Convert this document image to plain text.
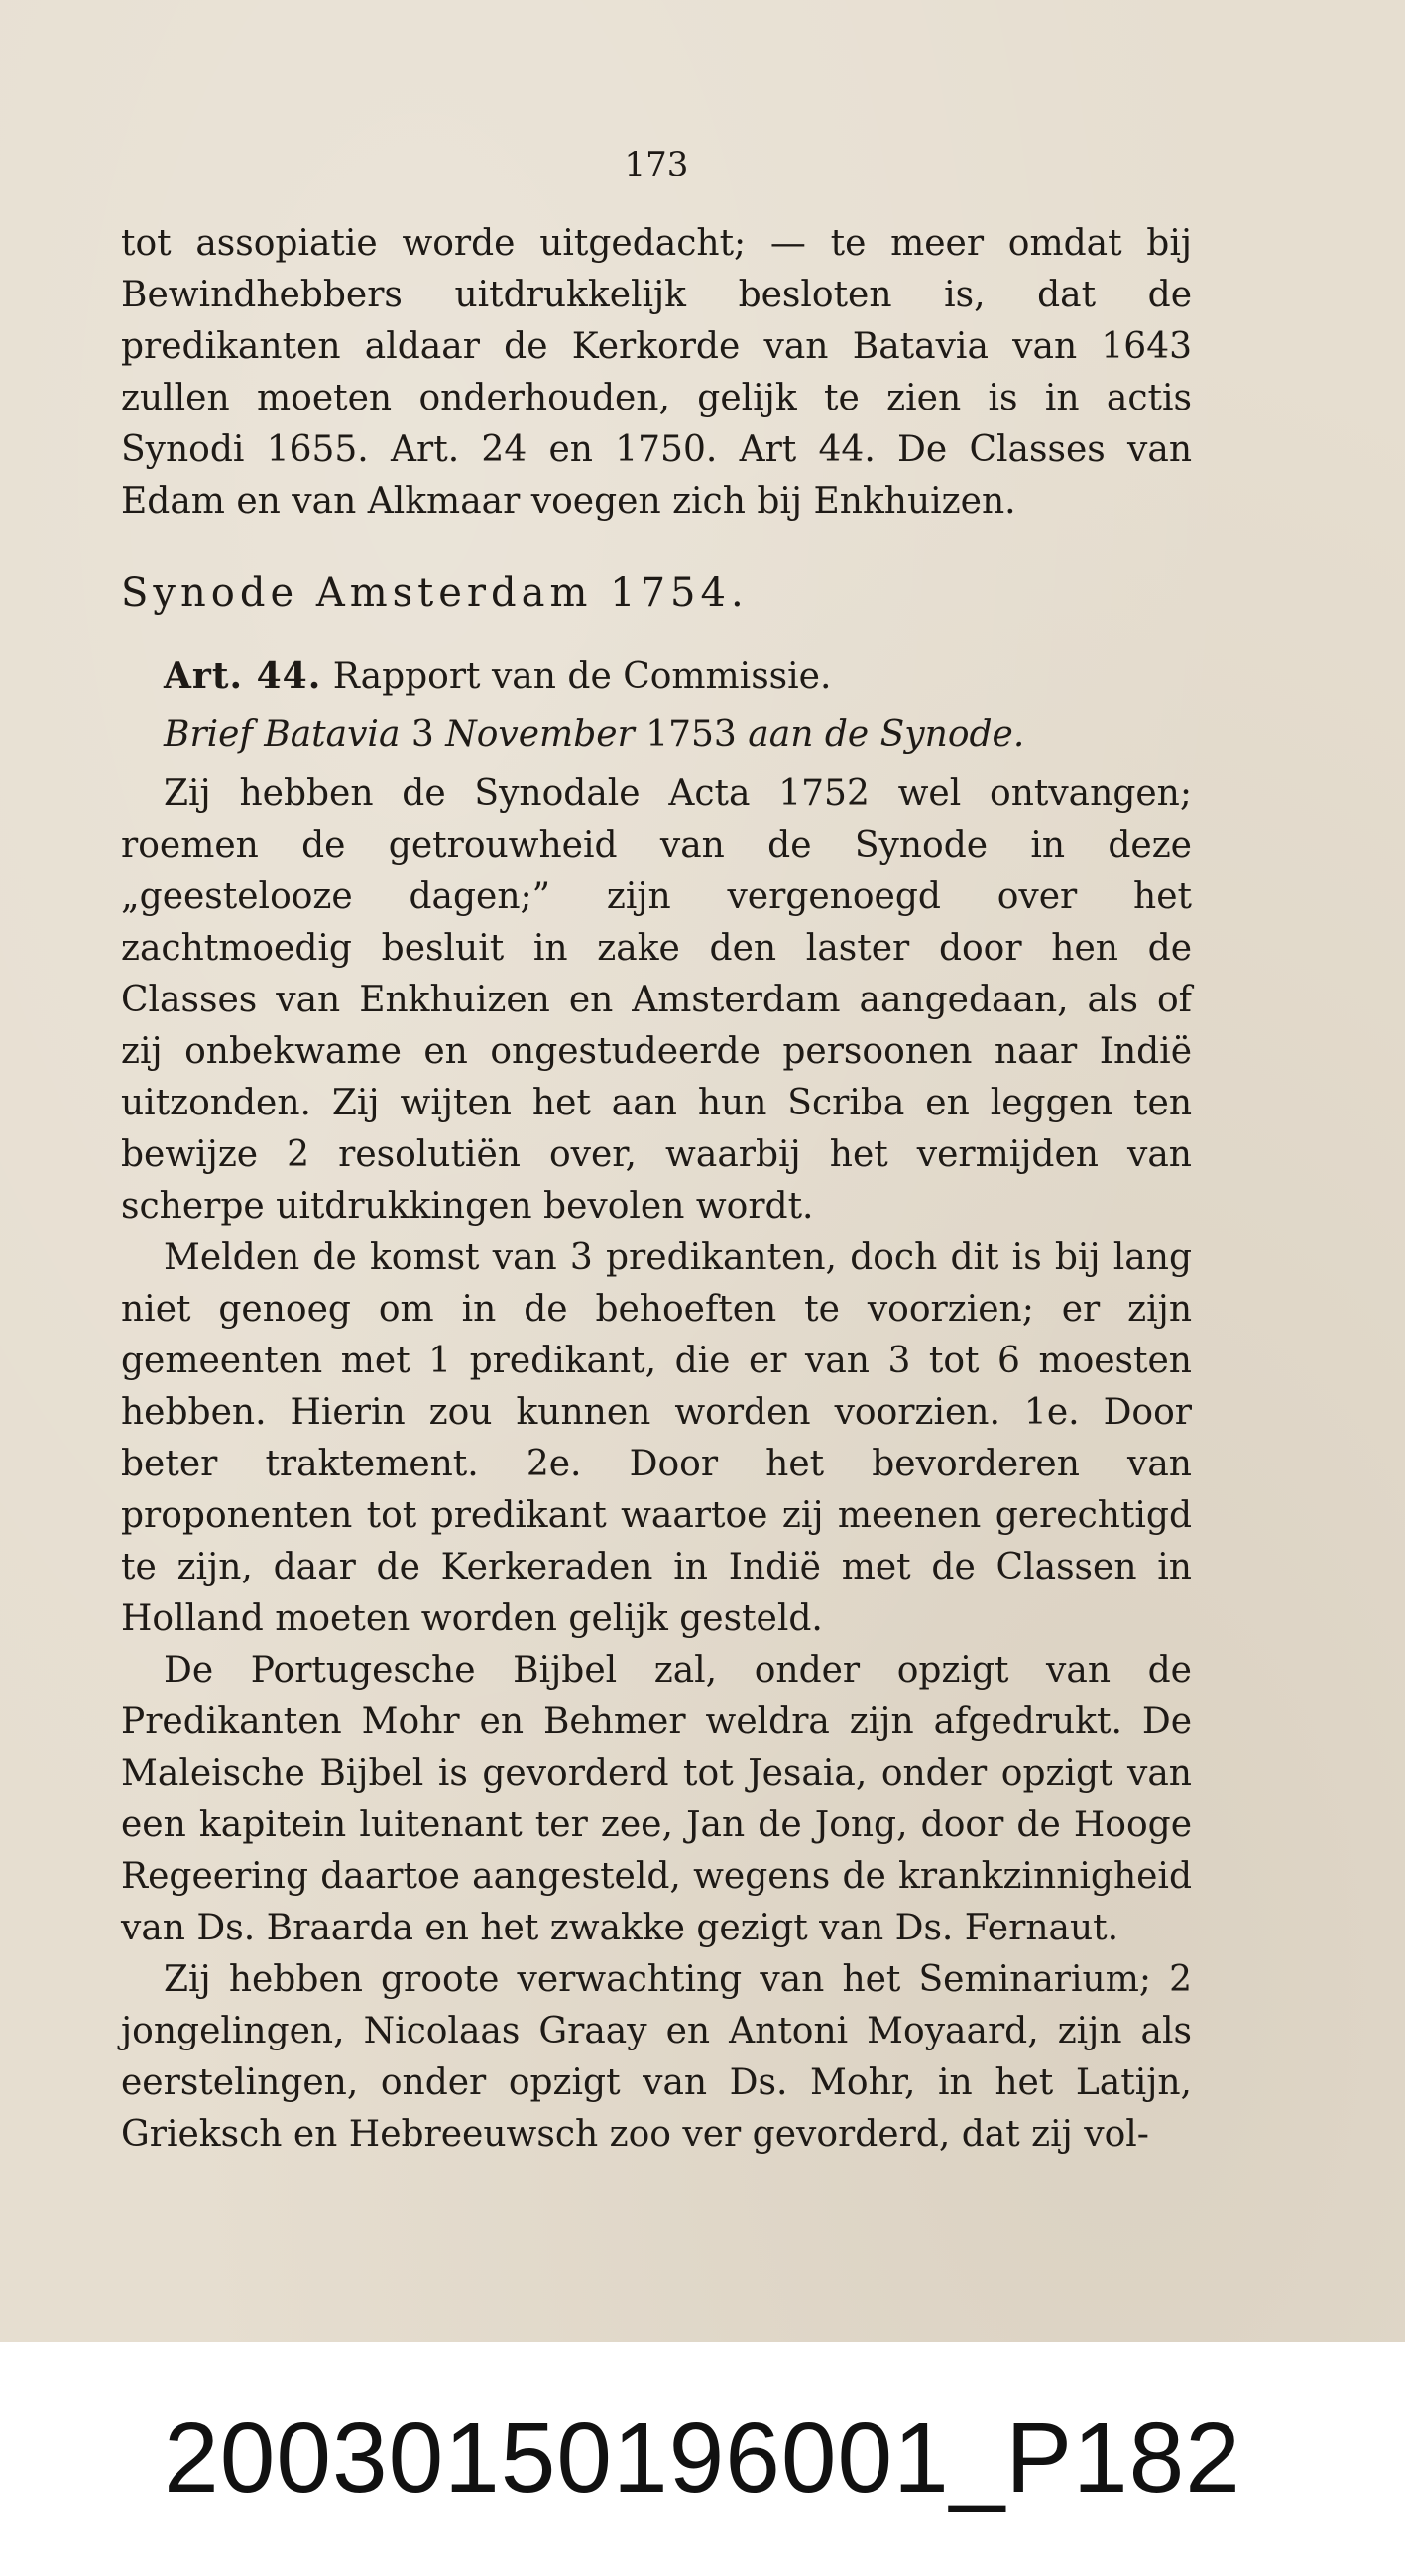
173

tot assopiatie worde uitgedacht; — te meer omdat bij Bewindhebbers uitdrukkelijk besloten is, dat de predikanten aldaar de Kerkorde van Batavia van 1643 zullen moeten onderhouden, gelijk te zien is in actis Synodi 1655. Art. 24 en 1750. Art 44. De Classes van Edam en van Alkmaar voegen zich bij Enkhuizen.

Synode Amsterdam 1754.

Art. 44. Rapport van de Commissie.

Brief Batavia 3 November 1753 aan de Synode.

Zij hebben de Synodale Acta 1752 wel ontvangen; roemen de getrouwheid van de Synode in deze „geestelooze dagen;” zijn vergenoegd over het zachtmoedig besluit in zake den laster door hen de Classes van Enkhuizen en Amsterdam aangedaan, als of zij onbekwame en ongestudeerde persoonen naar Indië uitzonden. Zij wijten het aan hun Scriba en leggen ten bewijze 2 resolutiën over, waarbij het vermijden van scherpe uitdrukkingen bevolen wordt.

Melden de komst van 3 predikanten, doch dit is bij lang niet genoeg om in de behoeften te voorzien; er zijn gemeenten met 1 predikant, die er van 3 tot 6 moesten hebben. Hierin zou kunnen worden voorzien. 1e. Door beter traktement. 2e. Door het bevorderen van proponenten tot predikant waartoe zij meenen gerechtigd te zijn, daar de Kerkeraden in Indië met de Classen in Holland moeten worden gelijk gesteld.

De Portugesche Bijbel zal, onder opzigt van de Predikanten Mohr en Behmer weldra zijn afgedrukt. De Maleische Bijbel is gevorderd tot Jesaia, onder opzigt van een kapitein luitenant ter zee, Jan de Jong, door de Hooge Regeering daartoe aangesteld, wegens de krankzinnigheid van Ds. Braarda en het zwakke gezigt van Ds. Fernaut.

Zij hebben groote verwachting van het Seminarium; 2 jongelingen, Nicolaas Graay en Antoni Moyaard, zijn als eerstelingen, onder opzigt van Ds. Mohr, in het Latijn, Grieksch en Hebreeuwsch zoo ver gevorderd, dat zij vol-

20030150196001_P182
